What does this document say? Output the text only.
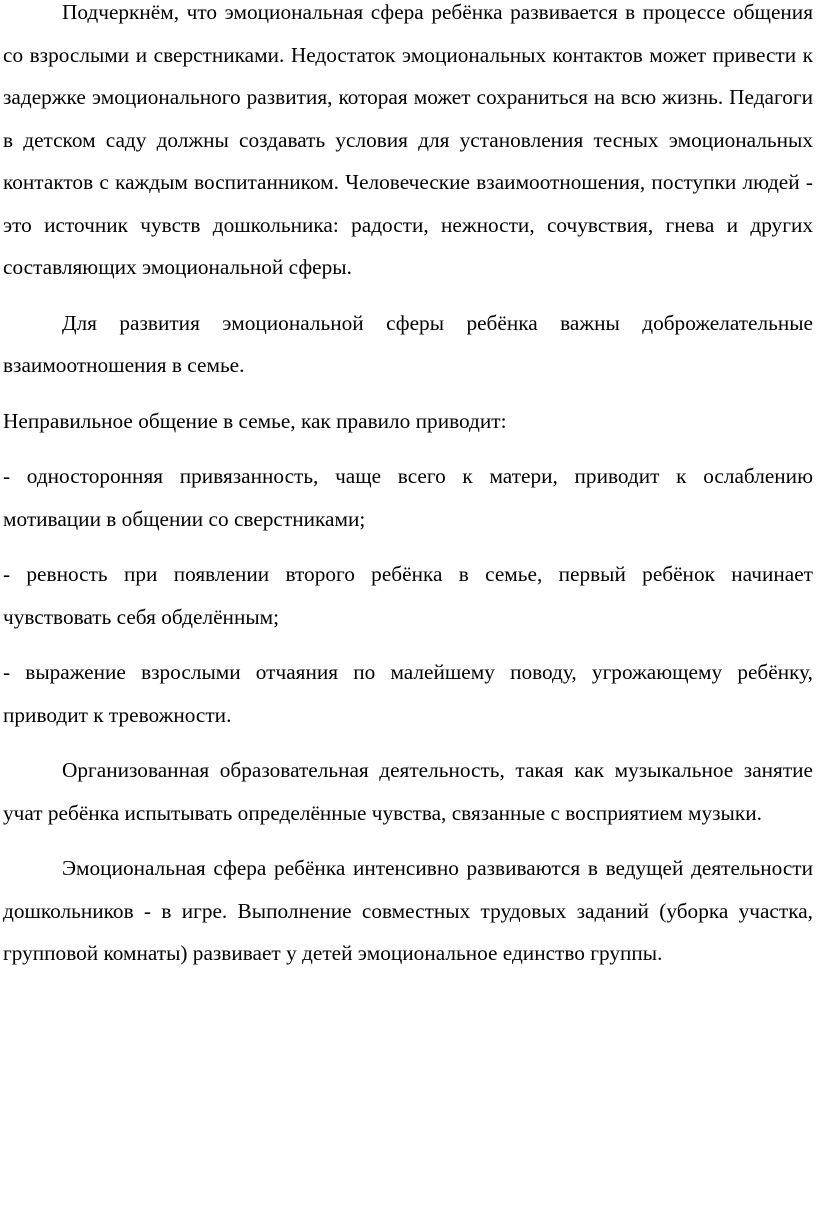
Подчеркнём, что эмоциональная сфера ребёнка развивается в процессе общения со взрослыми и сверстниками. Недостаток эмоциональных контактов может привести к задержке эмоционального развития, которая может сохраниться на всю жизнь. Педагоги в детском саду должны создавать условия для установления тесных эмоциональных контактов с каждым воспитанником. Человеческие взаимоотношения, поступки людей - это источник чувств дошкольника: радости, нежности, сочувствия, гнева и других составляющих эмоциональной сферы.

Для развития эмоциональной сферы ребёнка важны доброжелательные взаимоотношения в семье.

Неправильное общение в семье, как правило приводит:

- односторонняя привязанность, чаще всего к матери, приводит к ослаблению мотивации в общении со сверстниками;

- ревность при появлении второго ребёнка в семье, первый ребёнок начинает чувствовать себя обделённым;

- выражение взрослыми отчаяния по малейшему поводу, угрожающему ребёнку, приводит к тревожности.

Организованная образовательная деятельность, такая как музыкальное занятие учат ребёнка испытывать определённые чувства, связанные с восприятием музыки.

Эмоциональная сфера ребёнка интенсивно развиваются в ведущей деятельности дошкольников - в игре. Выполнение совместных трудовых заданий (уборка участка, групповой комнаты) развивает у детей эмоциональное единство группы.
